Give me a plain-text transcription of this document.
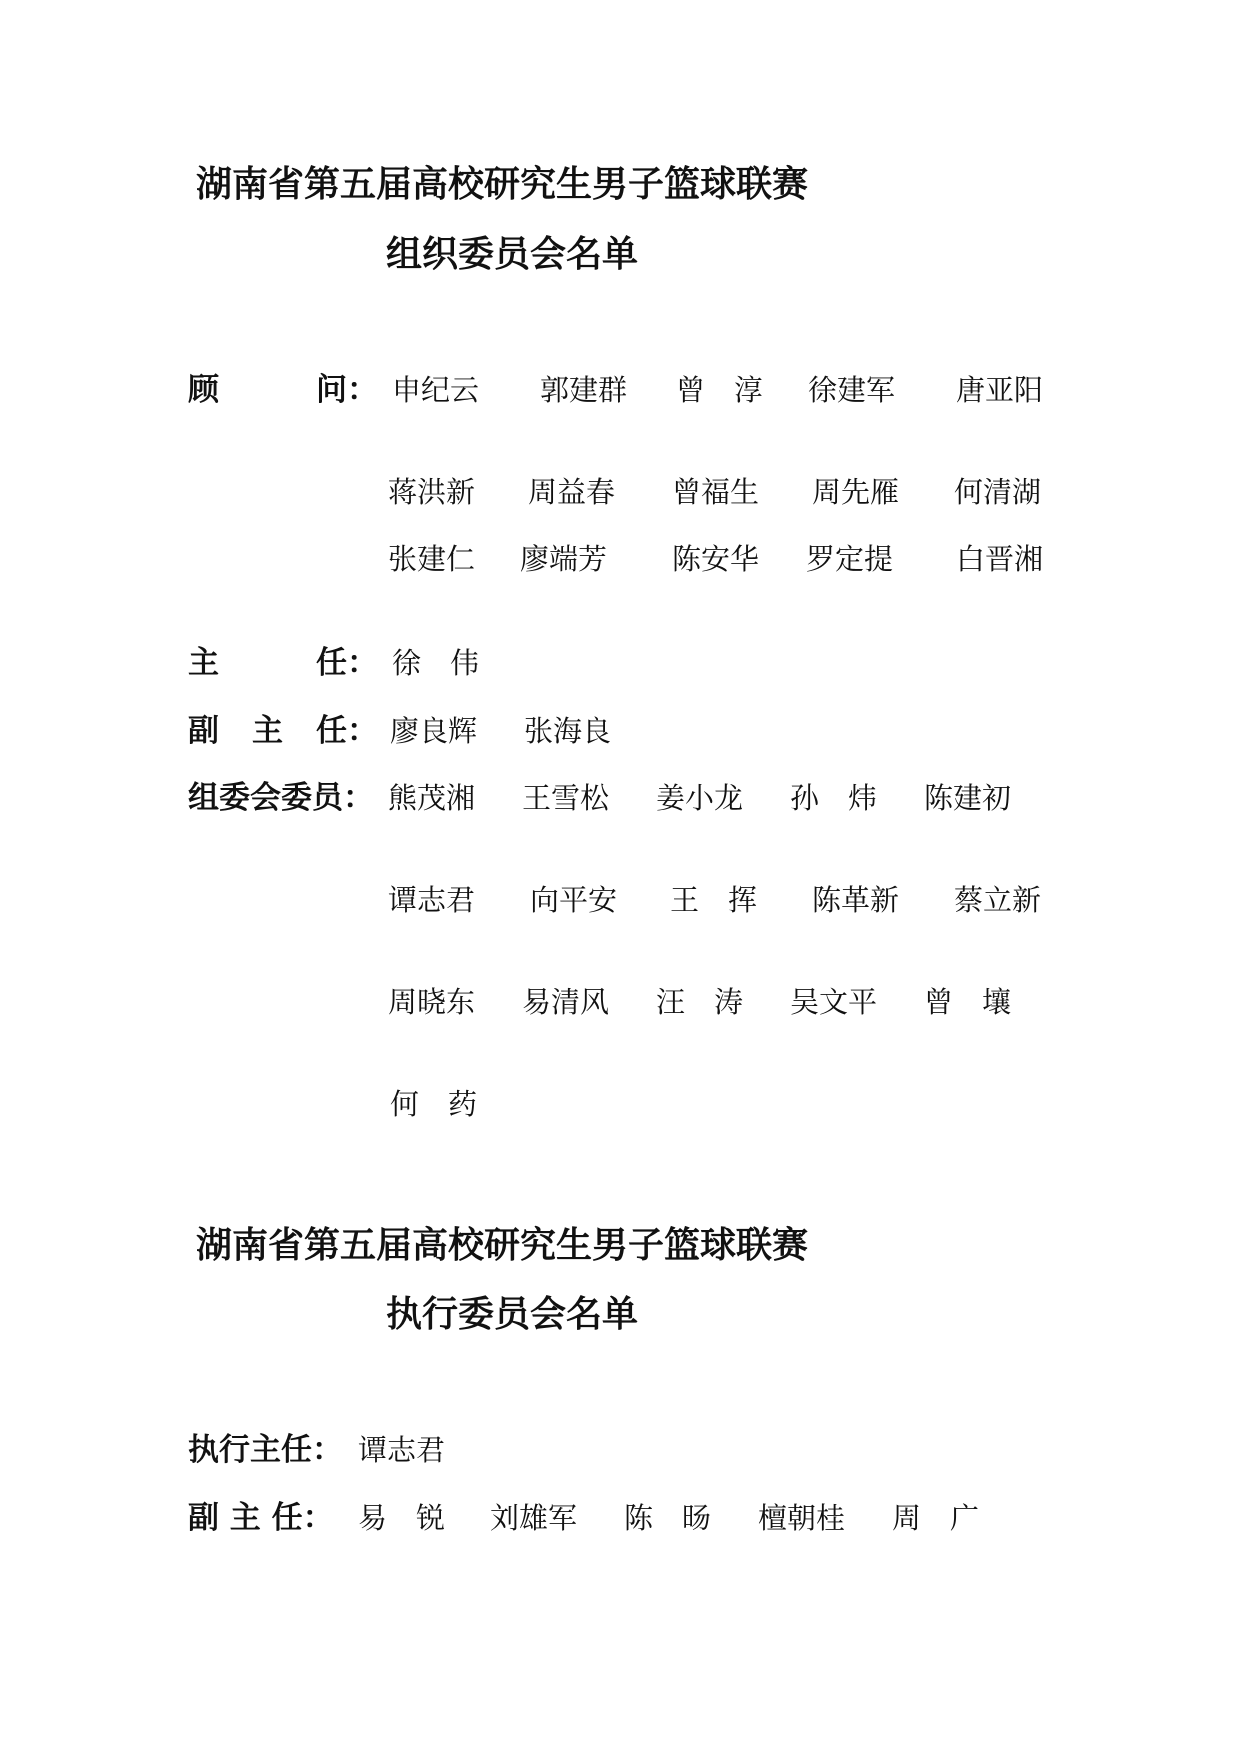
湖南省第五届高校研究生男子篮球联赛
组织委员会名单
顾	问： 申纪云 郭建群 曾　淳 徐建军 唐亚阳
蒋洪新 周益春 曾福生 周先雁 何清湖
张建仁 廖端芳 陈安华 罗定提 白晋湘
主	任： 徐　伟
副 主 任： 廖良辉 张海良
组委会委员： 熊茂湘 王雪松 姜小龙 孙　炜 陈建初
谭志君 向平安 王　挥 陈革新 蔡立新
周晓东 易清风 汪　涛 吴文平 曾　壤
何　药
湖南省第五届高校研究生男子篮球联赛
执行委员会名单
执行主任： 谭志君
副 主 任： 易　锐 刘雄军 陈　旸 檀朝桂 周　广
